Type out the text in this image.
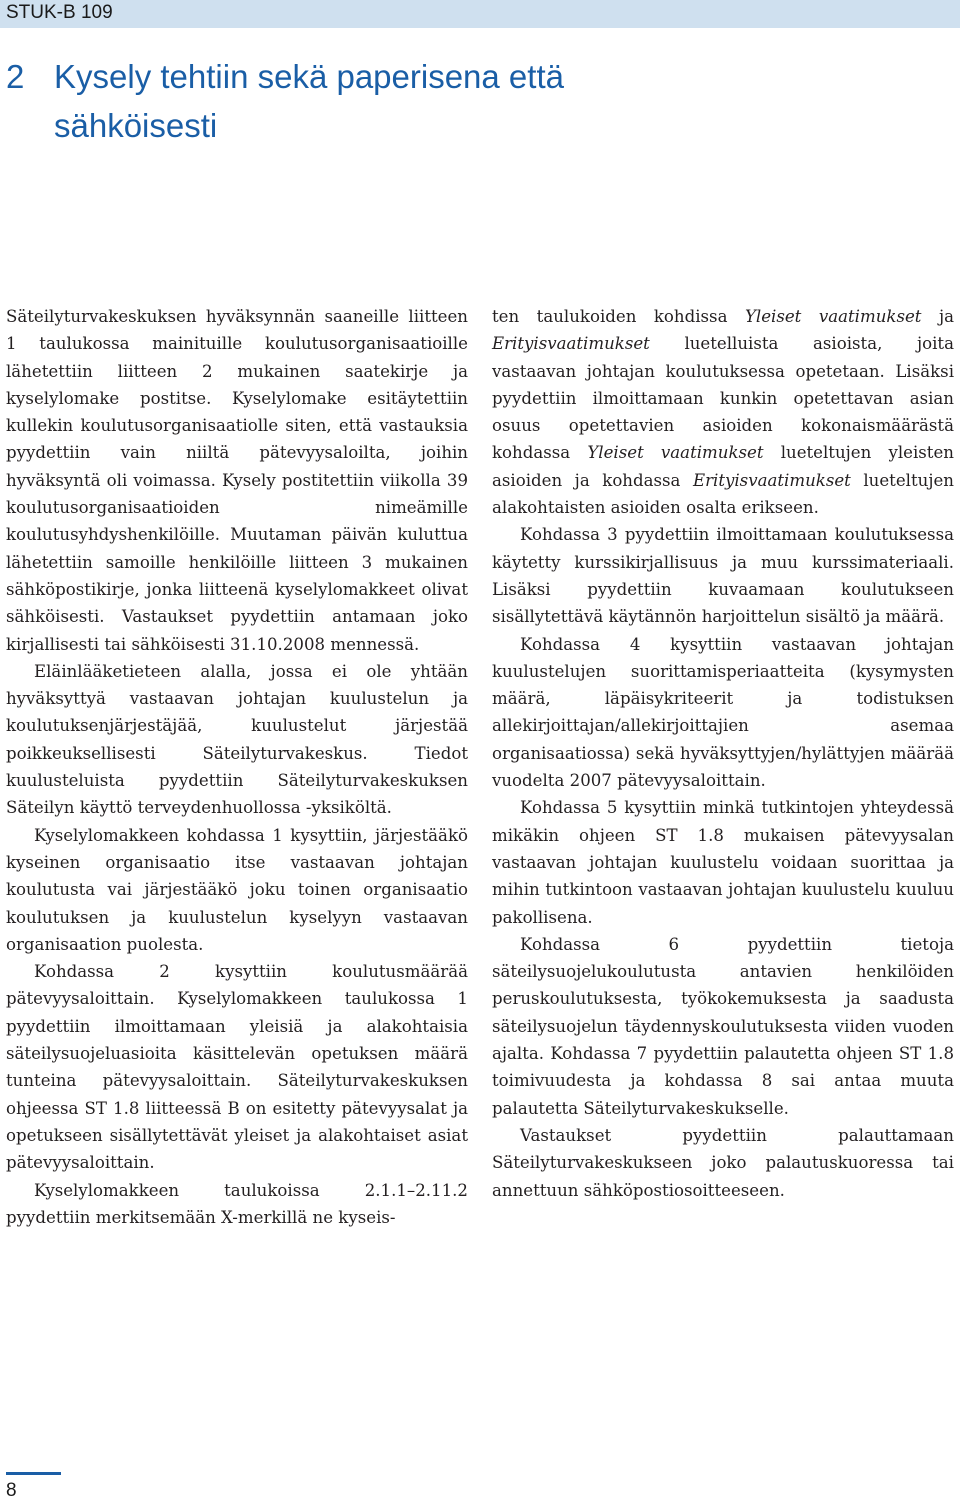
STUK-B 109
2 Kysely tehtiin sekä paperisena että sähköisesti

Säteilyturvakeskuksen hyväksynnän saaneille liitteen 1 taulukossa mainituille koulutusorganisaatioille lähetettiin liitteen 2 mukainen saatekirje ja kyselylomake postitse. Kyselylomake esitäytettiin kullekin koulutusorganisaatiolle siten, että vastauksia pyydettiin vain niiltä pätevyysaloilta, joihin hyväksyntä oli voimassa. Kysely postitettiin viikolla 39 koulutusorganisaatioiden nimeämille koulutusyhdyshenkilöille. Muutaman päivän kuluttua lähetettiin samoille henkilöille liitteen 3 mukainen sähköpostikirje, jonka liitteenä kyselylomakkeet olivat sähköisesti. Vastaukset pyydettiin antamaan joko kirjallisesti tai sähköisesti 31.10.2008 mennessä.

Eläinlääketieteen alalla, jossa ei ole yhtään hyväksyttyä vastaavan johtajan kuulustelun ja koulutuksenjärjestäjää, kuulustelut järjestää poikkeuksellisesti Säteilyturvakeskus. Tiedot kuulusteluista pyydettiin Säteilyturvakeskuksen Säteilyn käyttö terveydenhuollossa -yksiköltä.

Kyselylomakkeen kohdassa 1 kysyttiin, järjestääkö kyseinen organisaatio itse vastaavan johtajan koulutusta vai järjestääkö joku toinen organisaatio koulutuksen ja kuulustelun kyselyyn vastaavan organisaation puolesta.

Kohdassa 2 kysyttiin koulutusmäärää pätevyysaloittain. Kyselylomakkeen taulukossa 1 pyydettiin ilmoittamaan yleisiä ja alakohtaisia säteilysuojeluasioita käsittelevän opetuksen määrä tunteina pätevyysaloittain. Säteilyturvakeskuksen ohjeessa ST 1.8 liitteessä B on esitetty pätevyysalat ja opetukseen sisällytettävät yleiset ja alakohtaiset asiat pätevyysaloittain.

Kyselylomakkeen taulukoissa 2.1.1–2.11.2 pyydettiin merkitsemään X-merkillä ne kyseis-

ten taulukoiden kohdissa Yleiset vaatimukset ja Erityisvaatimukset luetelluista asioista, joita vastaavan johtajan koulutuksessa opetetaan. Lisäksi pyydettiin ilmoittamaan kunkin opetettavan asian osuus opetettavien asioiden kokonaismäärästä kohdassa Yleiset vaatimukset lueteltujen yleisten asioiden ja kohdassa Erityisvaatimukset lueteltujen alakohtaisten asioiden osalta erikseen.

Kohdassa 3 pyydettiin ilmoittamaan koulutuksessa käytetty kurssikirjallisuus ja muu kurssimateriaali. Lisäksi pyydettiin kuvaamaan koulutukseen sisällytettävä käytännön harjoittelun sisältö ja määrä.

Kohdassa 4 kysyttiin vastaavan johtajan kuulustelujen suorittamisperiaatteita (kysymysten määrä, läpäisykriteerit ja todistuksen allekirjoittajan/allekirjoittajien asemaa organisaatiossa) sekä hyväksyttyjen/hylättyjen määrää vuodelta 2007 pätevyysaloittain.

Kohdassa 5 kysyttiin minkä tutkintojen yhteydessä mikäkin ohjeen ST 1.8 mukaisen pätevyysalan vastaavan johtajan kuulustelu voidaan suorittaa ja mihin tutkintoon vastaavan johtajan kuulustelu kuuluu pakollisena.

Kohdassa 6 pyydettiin tietoja säteilysuojelukoulutusta antavien henkilöiden peruskoulutuksesta, työkokemuksesta ja saadusta säteilysuojelun täydennyskoulutuksesta viiden vuoden ajalta. Kohdassa 7 pyydettiin palautetta ohjeen ST 1.8 toimivuudesta ja kohdassa 8 sai antaa muuta palautetta Säteilyturvakeskukselle.

Vastaukset pyydettiin palauttamaan Säteilyturvakeskukseen joko palautuskuoressa tai annettuun sähköpostiosoitteeseen.

8
